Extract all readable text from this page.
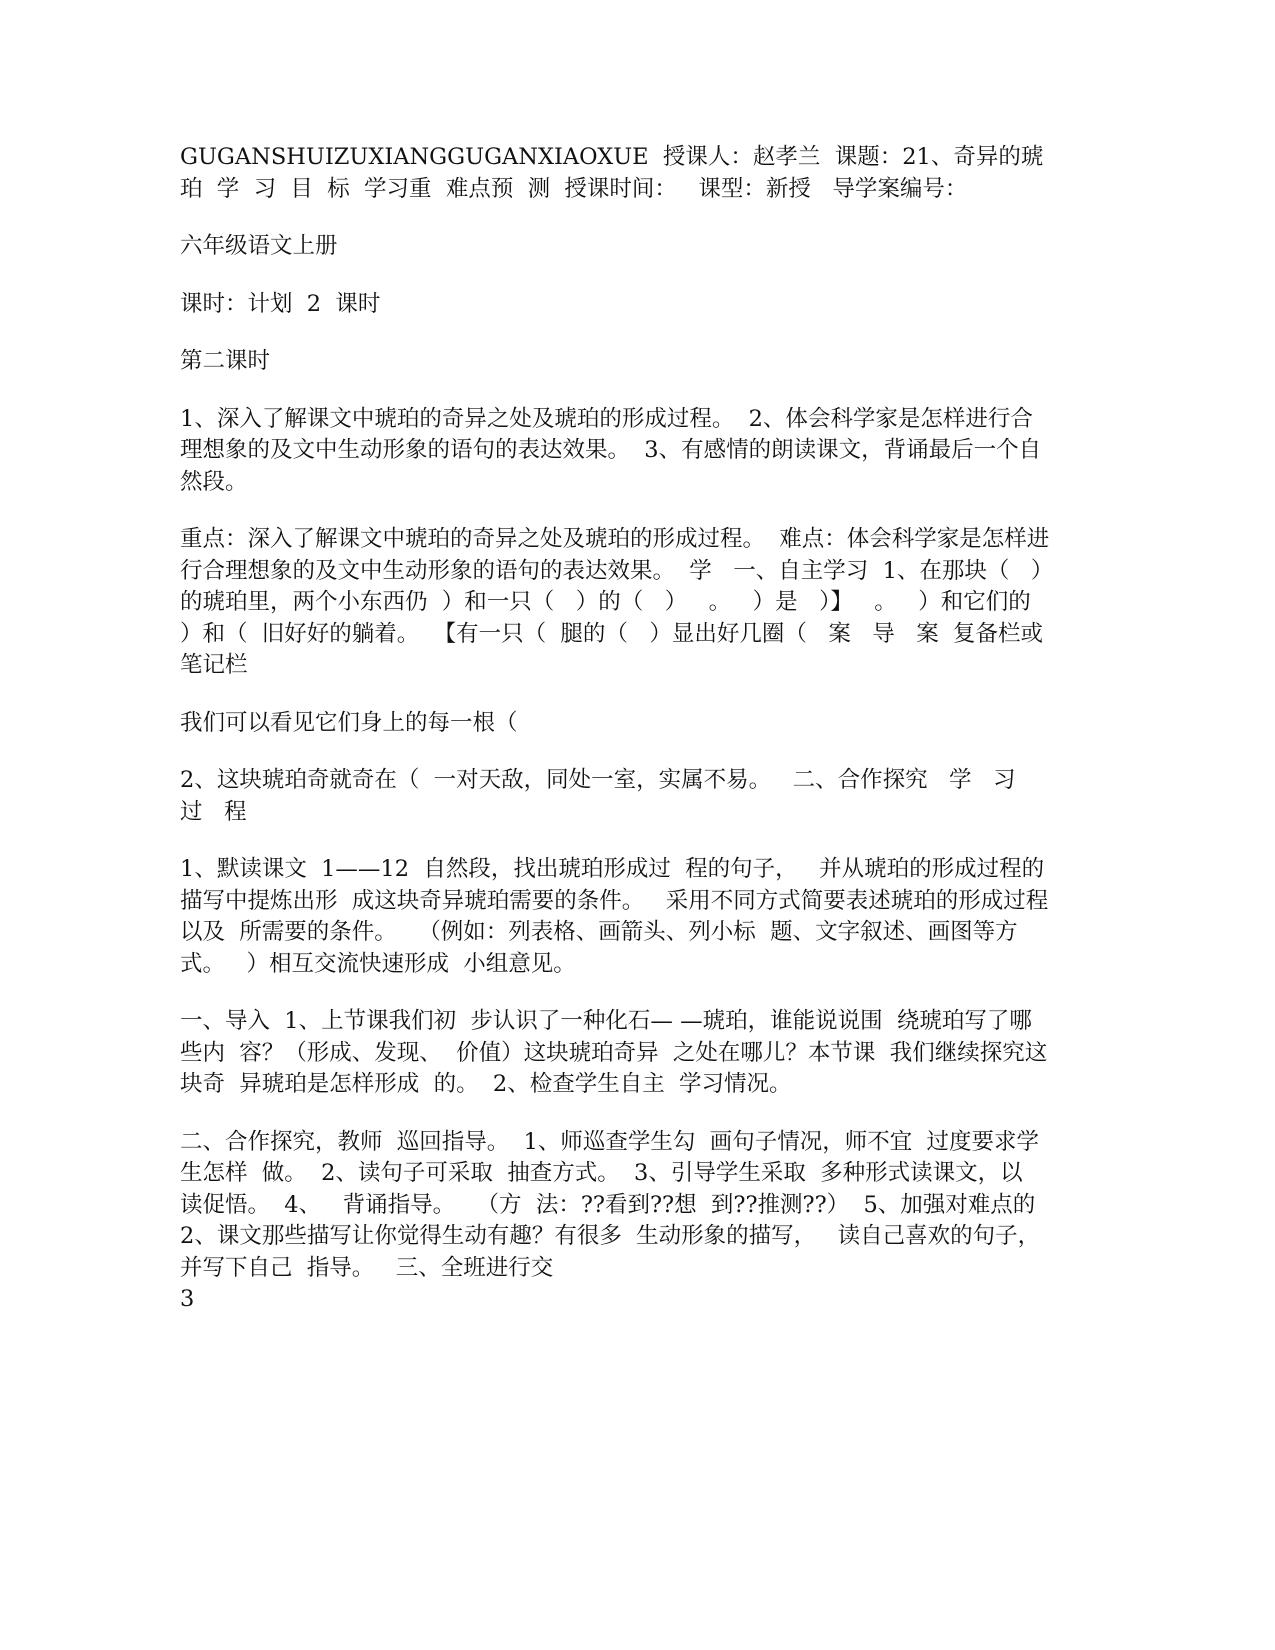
GUGANSHUIZUXIANGGUGANXIAOXUE  授课人：赵孝兰  课题：21、奇异的琥珀  学  习  目  标  学习重  难点预  测  授课时间：   课型：新授   导学案编号：

六年级语文上册

课时：计划  2  课时

第二课时

1、深入了解课文中琥珀的奇异之处及琥珀的形成过程。  2、体会科学家是怎样进行合理想象的及文中生动形象的语句的表达效果。  3、有感情的朗读课文，背诵最后一个自然段。

重点：深入了解课文中琥珀的奇异之处及琥珀的形成过程。  难点：体会科学家是怎样进行合理想象的及文中生动形象的语句的表达效果。  学   一、自主学习  1、在那块（   ）的琥珀里，两个小东西仍  ）和一只（   ）的（   ）   。   ）是   ）】   。   ）和它们的  ）和（  旧好好的躺着。  【有一只（  腿的（   ）显出好几圈（   案   导   案  复备栏或  笔记栏

我们可以看见它们身上的每一根（

2、这块琥珀奇就奇在（  一对天敌，同处一室，实属不易。   二、合作探究   学   习   过   程

1、默读课文  1——12  自然段，找出琥珀形成过  程的句子，   并从琥珀的形成过程的描写中提炼出形  成这块奇异琥珀需要的条件。   采用不同方式简要表述琥珀的形成过程以及  所需要的条件。   （例如：列表格、画箭头、列小标  题、文字叙述、画图等方式。   ）相互交流快速形成  小组意见。

一、导入  1、上节课我们初  步认识了一种化石— —琥珀，谁能说说围  绕琥珀写了哪些内  容？（形成、发现、  价值）这块琥珀奇异  之处在哪儿？本节课  我们继续探究这块奇  异琥珀是怎样形成  的。  2、检查学生自主  学习情况。

二、合作探究，教师  巡回指导。  1、师巡查学生勾  画句子情况，师不宜  过度要求学生怎样  做。  2、读句子可采取  抽查方式。  3、引导学生采取  多种形式读课文，以  读促悟。  4、   背诵指导。   （方  法：??看到??想  到??推测??）  5、加强对难点的  2、课文那些描写让你觉得生动有趣？有很多  生动形象的描写，   读自己喜欢的句子，   并写下自己  指导。   三、全班进行交

3
